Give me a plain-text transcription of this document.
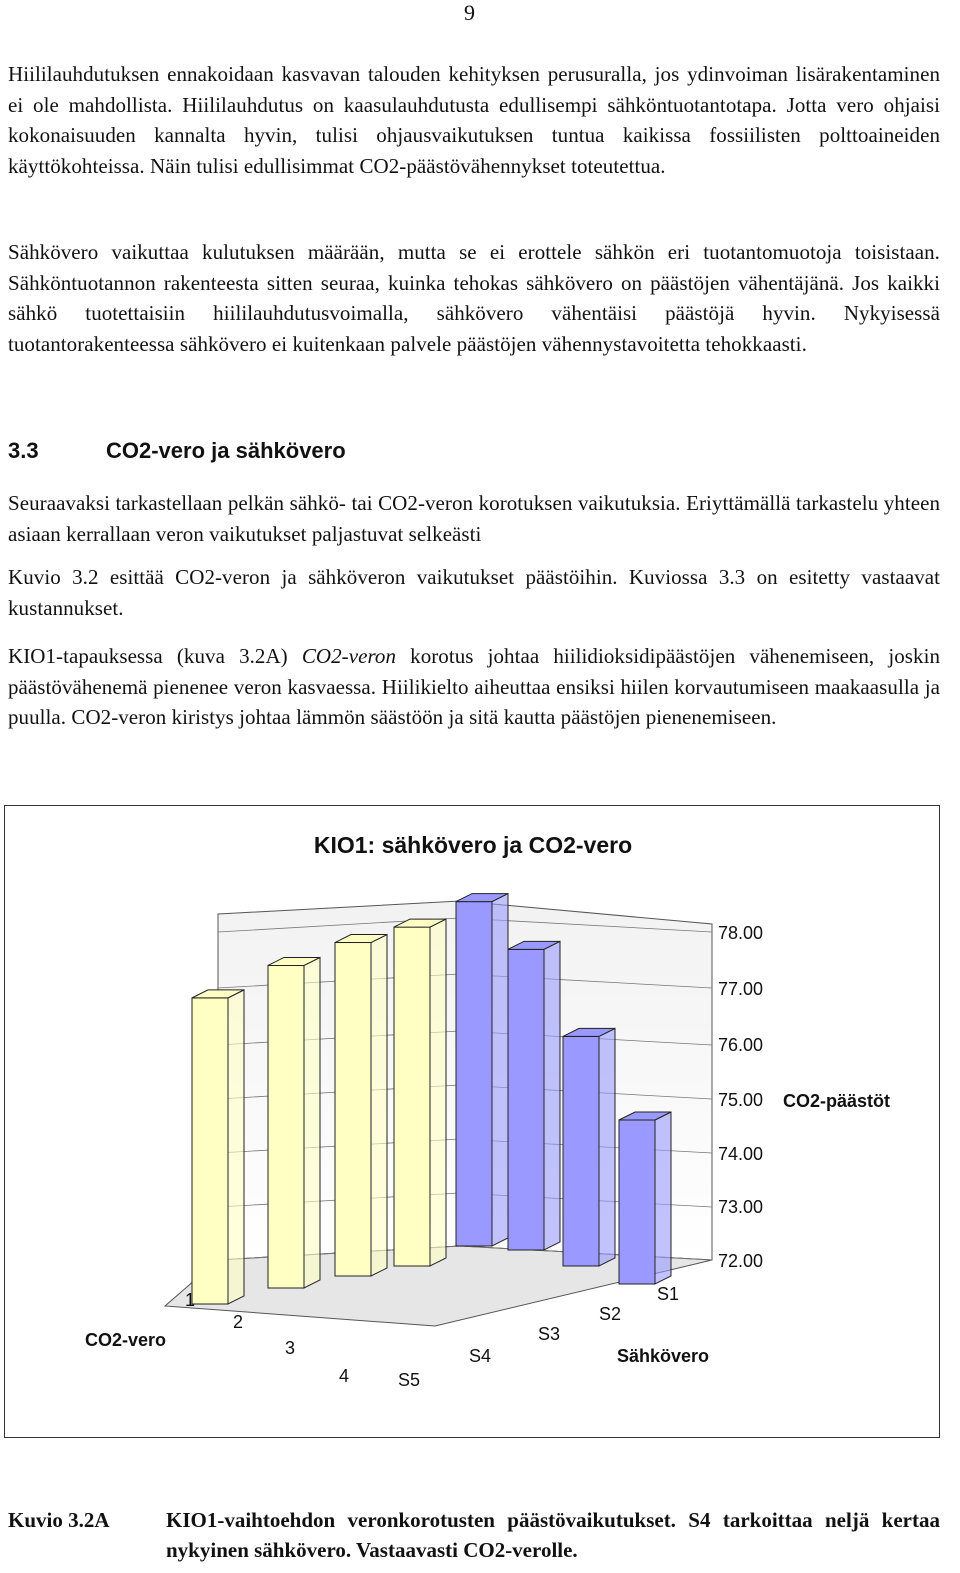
9

Hiililauhdutuksen ennakoidaan kasvavan talouden kehityksen perusuralla, jos ydinvoiman lisärakentaminen ei ole mahdollista. Hiililauhdutus on kaasulauhdutusta edullisempi sähköntuotantotapa. Jotta vero ohjaisi kokonaisuuden kannalta hyvin, tulisi ohjausvaikutuksen tuntua kaikissa fossiilisten polttoaineiden käyttökohteissa. Näin tulisi edullisimmat CO2-päästövähennykset toteutettua.

Sähkövero vaikuttaa kulutuksen määrään, mutta se ei erottele sähkön eri tuotantomuotoja toisistaan. Sähköntuotannon rakenteesta sitten seuraa, kuinka tehokas sähkövero on päästöjen vähentäjänä. Jos kaikki sähkö tuotettaisiin hiililauhdutusvoimalla, sähkövero vähentäisi päästöjä hyvin. Nykyisessä tuotantorakenteessa sähkövero ei kuitenkaan palvele päästöjen vähennystavoitetta tehokkaasti.

3.3	CO2-vero ja sähkövero

Seuraavaksi tarkastellaan pelkän sähkö- tai CO2-veron korotuksen vaikutuksia. Eriyttämällä tarkastelu yhteen asiaan kerrallaan veron vaikutukset paljastuvat selkeästi

Kuvio 3.2 esittää CO2-veron ja sähköveron vaikutukset päästöihin. Kuviossa 3.3 on esitetty vastaavat kustannukset.

KIO1-tapauksessa (kuva 3.2A) CO2-veron korotus johtaa hiilidioksidipäästöjen vähenemiseen, joskin päästövähenemä pienenee veron kasvaessa. Hiilikielto aiheuttaa ensiksi hiilen korvautumiseen maakaasulla ja puulla. CO2-veron kiristys johtaa lämmön säästöön ja sitä kautta päästöjen pienenemiseen.

KIO1: sähkövero ja CO2-vero
72.00
73.00
74.00
75.00
76.00
77.00
78.00
CO2-päästöt
1
2
3
4
S1
S2
S3
S4
S5
CO2-vero
Sähkövero
Kuvio 3.2A	KIO1-vaihtoehdon veronkorotusten päästövaikutukset. S4 tarkoittaa neljä kertaa nykyinen sähkövero. Vastaavasti CO2-verolle.
